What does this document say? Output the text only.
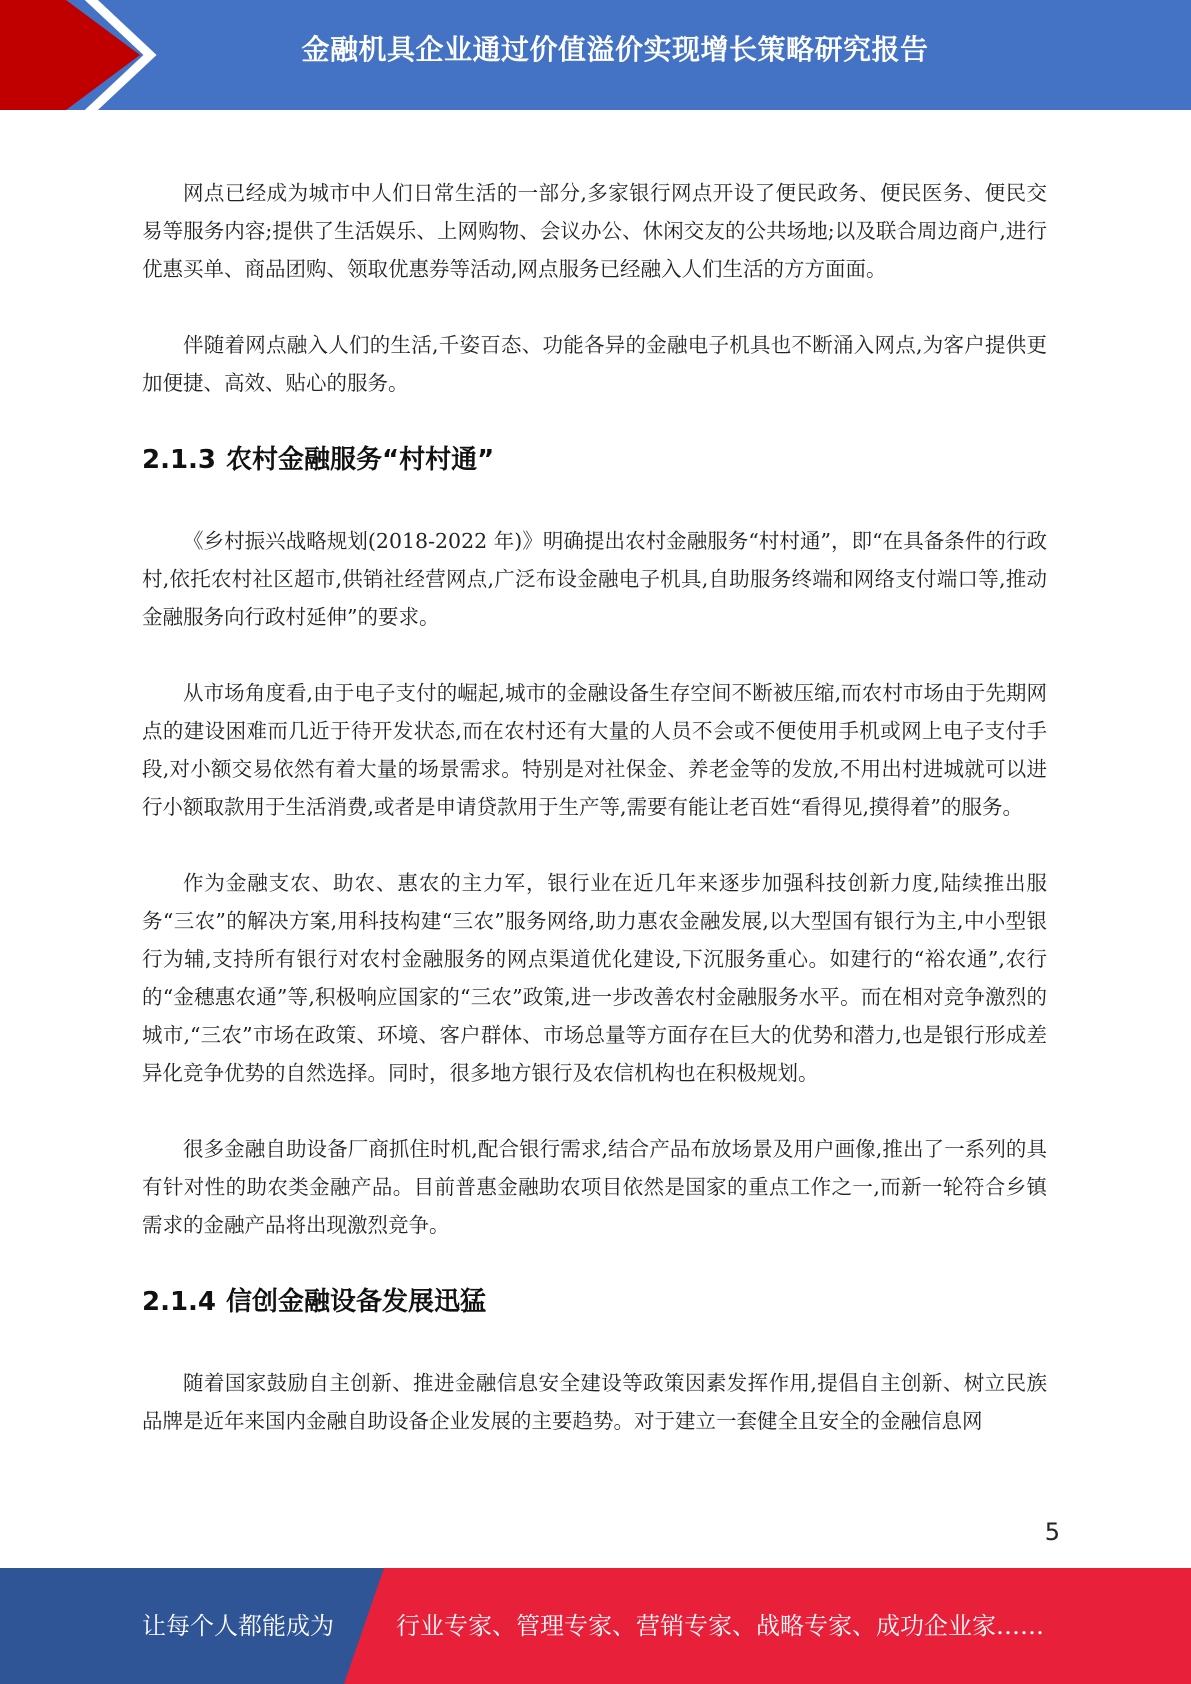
金融机具企业通过价值溢价实现增长策略研究报告

网点已经成为城市中人们日常生活的一部分,多家银行网点开设了便民政务、便民医务、便民交易等服务内容;提供了生活娱乐、上网购物、会议办公、休闲交友的公共场地;以及联合周边商户,进行优惠买单、商品团购、领取优惠券等活动,网点服务已经融入人们生活的方方面面。

伴随着网点融入人们的生活,千姿百态、功能各异的金融电子机具也不断涌入网点,为客户提供更加便捷、高效、贴心的服务。

2.1.3 农村金融服务“村村通”

《乡村振兴战略规划(2018-2022 年)》明确提出农村金融服务“村村通”，即“在具备条件的行政村,依托农村社区超市,供销社经营网点,广泛布设金融电子机具,自助服务终端和网络支付端口等,推动金融服务向行政村延伸”的要求。

从市场角度看,由于电子支付的崛起,城市的金融设备生存空间不断被压缩,而农村市场由于先期网点的建设困难而几近于待开发状态,而在农村还有大量的人员不会或不便使用手机或网上电子支付手段,对小额交易依然有着大量的场景需求。特别是对社保金、养老金等的发放,不用出村进城就可以进行小额取款用于生活消费,或者是申请贷款用于生产等,需要有能让老百姓“看得见,摸得着”的服务。

作为金融支农、助农、惠农的主力军，银行业在近几年来逐步加强科技创新力度,陆续推出服务“三农”的解决方案,用科技构建“三农”服务网络,助力惠农金融发展,以大型国有银行为主,中小型银行为辅,支持所有银行对农村金融服务的网点渠道优化建设,下沉服务重心。如建行的“裕农通”,农行的“金穗惠农通”等,积极响应国家的“三农”政策,进一步改善农村金融服务水平。而在相对竞争激烈的城市,“三农”市场在政策、环境、客户群体、市场总量等方面存在巨大的优势和潜力,也是银行形成差异化竞争优势的自然选择。同时，很多地方银行及农信机构也在积极规划。

很多金融自助设备厂商抓住时机,配合银行需求,结合产品布放场景及用户画像,推出了一系列的具有针对性的助农类金融产品。目前普惠金融助农项目依然是国家的重点工作之一,而新一轮符合乡镇需求的金融产品将出现激烈竞争。

2.1.4 信创金融设备发展迅猛

随着国家鼓励自主创新、推进金融信息安全建设等政策因素发挥作用,提倡自主创新、树立民族品牌是近年来国内金融自助设备企业发展的主要趋势。对于建立一套健全且安全的金融信息网

5
让每个人都能成为	行业专家、管理专家、营销专家、战略专家、成功企业家……
